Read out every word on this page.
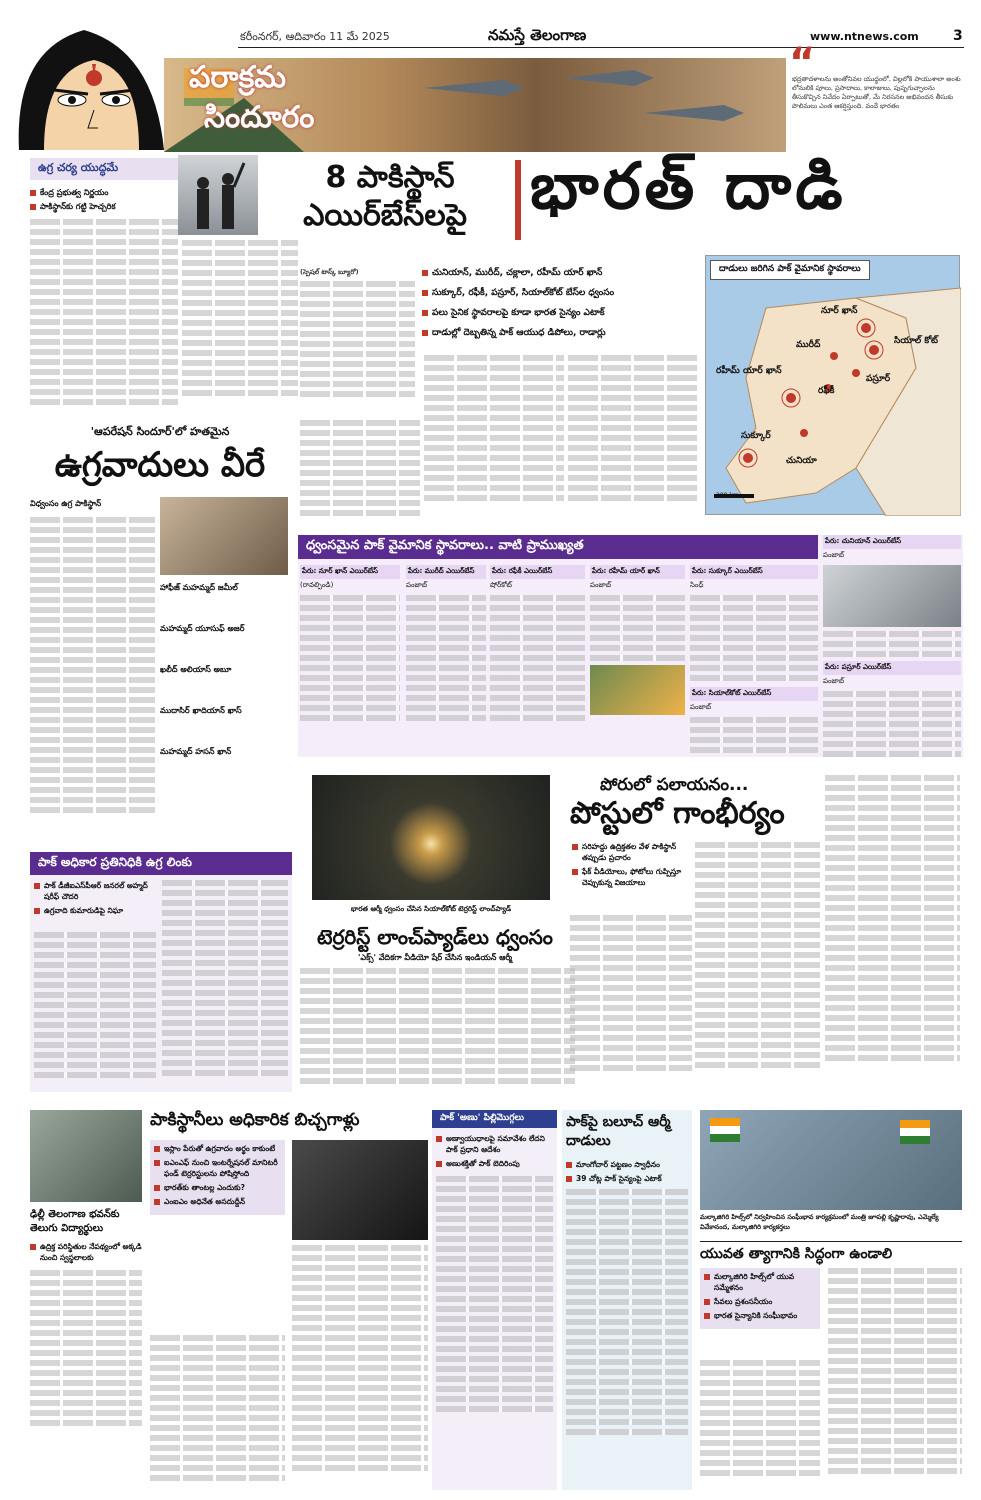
కరీంనగర్, ఆదివారం 11 మే 2025	నమస్తే తెలంగాణ	www.ntnews.com 3
పరాక్రమ
సిందూరం
“
భద్రతాదళాలను అంతోనివల యుద్ధంలో, విల్లలోకి పాయుశాలా అంశు లోనులికి పూలు, ప్రసాదాలు, కాలాజులు, పుష్పగుచ్ఛాలను తీసుకొచ్చిన నివేదం ఏర్పాటుతో, మే నిరసనల అభివందన తీసుకు పొలిమలు ఎంత ఆకర్షిస్తుంది. వందే భారతం
ఉగ్ర చర్య యుద్ధమే
కేంద్ర ప్రభుత్వ నిర్ణయం
పాకిస్థాన్‌కు గట్టి హెచ్చరిక
8 పాకిస్థాన్
ఎయిర్‌బేస్‌లపై భారత్ దాడి
(స్పెషల్ టాస్క్ బ్యూరో)	చునియాన్, మురీద్, చక్లాలా, రహీమ్ యార్ ఖాన్
సుక్కూర్, రఫీకీ, పస్రూర్, సియాల్‌కోట్ బేస్‌ల ధ్వంసం
పలు సైనిక స్థావరాలపై కూడా భారత సైన్యం ఎటాక్
దాడుల్లో దెబ్బతిన్న పాక్ ఆయుధ డిపోలు, రాడార్లు
దాడులు జరిగిన పాక్ వైమానిక స్థావరాలు
నూర్ ఖాన్
సియాల్ కోట్
మురీద్
పస్రూర్
రఫీకీ
రహీమ్ యార్ ఖాన్
సుక్కూర్
చునియా
200 km
'ఆపరేషన్ సిందూర్'లో హతమైన
ఉగ్రవాదులు వీరే
విధ్వంసం ఉగ్ర పాకిస్థాన్
హాఫీజ్ మహమ్మద్ జమీల్
మహమ్మద్ యూసుఫ్ అజర్
ఖలీద్ అలియాస్ అబూ
ముదాసిర్ ఖాదియాన్ ఖాస్
మహమ్మద్ హసన్ ఖాన్
ధ్వంసమైన పాక్ వైమానిక స్థావరాలు.. వాటి ప్రాముఖ్యత
పేరు: నూర్ ఖాన్ ఎయిర్‌బేస్
(రావల్పిండి)
పేరు: మురీద్ ఎయిర్‌బేస్
పంజాబ్
పేరు: రఫీకీ ఎయిర్‌బేస్
షోర్‌కోట్
పేరు: రహీమ్ యార్ ఖాన్
పంజాబ్
పేరు: సుక్కూర్ ఎయిర్‌బేస్
సింధ్
పేరు: సియాల్‌కోట్ ఎయిర్‌బేస్
పంజాబ్
పేరు: చునియాన్ ఎయిర్‌బేస్
పంజాబ్
పేరు: పస్రూర్ ఎయిర్‌బేస్
పంజాబ్
భారత ఆర్మీ ధ్వంసం చేసిన సియాల్‌కోట్ టెర్రరిస్ట్ లాంచ్‌ప్యాడ్
టెర్రరిస్ట్ లాంచ్‌ప్యాడ్‌లు ధ్వంసం
'ఎక్స్' వేదికగా వీడియో షేర్ చేసిన ఇండియన్ ఆర్మీ
పోరులో పలాయనం...
పోస్టులో గాంభీర్యం
సరిహద్దు ఉద్రిక్తతల వేళ పాకిస్థాన్ తప్పుడు ప్రచారం
ఫేక్ వీడియోలు, ఫోటోలు గుప్పిస్తూ చెప్పుకున్న విజయాలు
పాక్ అధికార ప్రతినిధికి ఉగ్ర లింకు
పాక్ డీజీఐఎస్‌పీఆర్ జనరల్ అహ్మద్ షరీఫ్ చౌదరి
ఉగ్రవాది కుమారుడిపై నిఘా
ఢిల్లీ తెలంగాణ భవన్‌కు తెలుగు విద్యార్థులు
ఉద్రిక్త పరిస్థితుల నేపథ్యంలో అక్కడి నుంచి స్వస్థలాలకు
పాకిస్థానీలు అధికారిక బిచ్చగాళ్లు
ఇస్లాం పేరుతో ఉగ్రవాదం అర్థం కాకుంటే
ఐఎంఎఫ్ నుంచి ఇంటర్నేషనల్ మానిటరీ ఫండ్‌ టెర్రరిస్టులను పోషిస్తోంది
భారత్‌కు తాంటల్ల ఎందుకు?
ఎంఐఎం అధినేత అసదుద్దీన్
పాక్ 'అణు' పిల్లిమొగ్గలు
అణ్వాయుధాలపై సమావేశం లేదని పాక్ ప్రధాని ఆదేశం
అణుశక్తితో పాక్ బెదిరింపు
పాక్‌పై బలూచ్ ఆర్మీ దాడులు
మాంగోచార్ పట్టణం స్వాధీనం
39 చోట్ల పాక్ సైన్యంపై ఎటాక్
మల్కాజిగిరి హిల్స్‌లో నిర్వహించిన సంఘీభావ కార్యక్రమంలో మంత్రి జూపల్లి కృష్ణారావు, ఎమ్మెల్యే వివేకానంద, మల్కాజిగిరి కార్యకర్తలు
యువత త్యాగానికి సిద్ధంగా ఉండాలి
మల్కాజిగిరి హిల్స్‌లో యువ సమ్మేళనం
సేవలు ప్రశంసనీయం
భారత సైన్యానికి సంఘీభావం
